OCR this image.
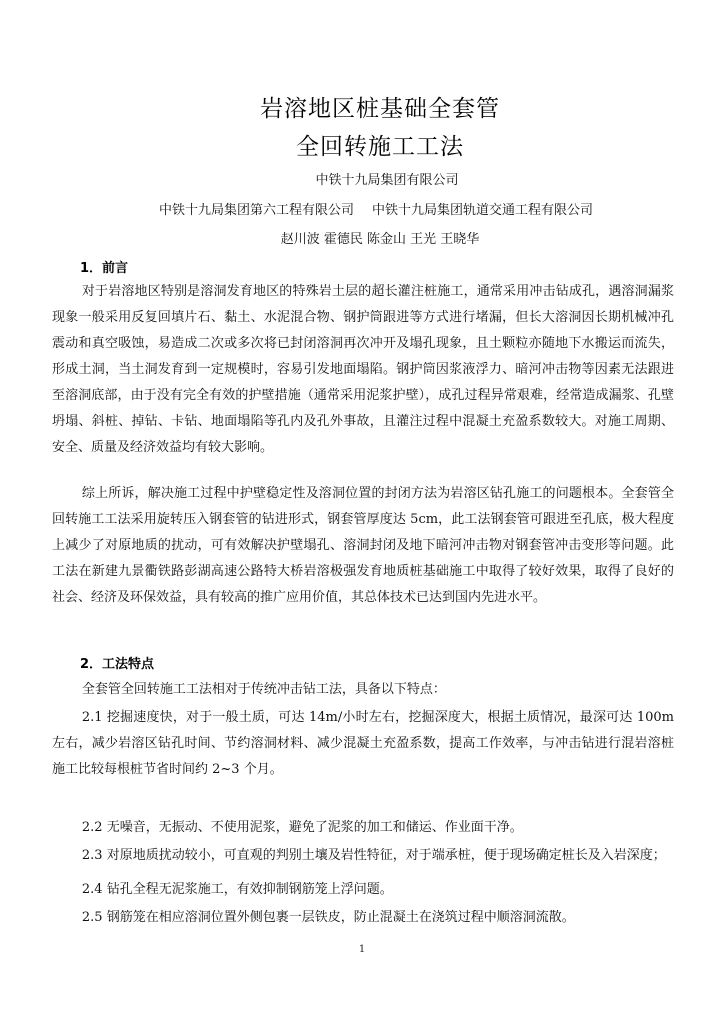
岩溶地区桩基础全套管
全回转施工工法
中铁十九局集团有限公司
中铁十九局集团第六工程有限公司 中铁十九局集团轨道交通工程有限公司
赵川波 霍德民 陈金山 王光 王晓华
1．前言

对于岩溶地区特别是溶洞发育地区的特殊岩土层的超长灌注桩施工，通常采用冲击钻成孔，遇溶洞漏浆现象一般采用反复回填片石、黏土、水泥混合物、钢护筒跟进等方式进行堵漏，但长大溶洞因长期机械冲孔震动和真空吸蚀，易造成二次或多次将已封闭溶洞再次冲开及塌孔现象，且土颗粒亦随地下水搬运而流失，形成土洞，当土洞发育到一定规模时，容易引发地面塌陷。钢护筒因浆液浮力、暗河冲击物等因素无法跟进至溶洞底部，由于没有完全有效的护壁措施（通常采用泥浆护壁），成孔过程异常艰难，经常造成漏浆、孔壁坍塌、斜桩、掉钻、卡钻、地面塌陷等孔内及孔外事故，且灌注过程中混凝土充盈系数较大。对施工周期、安全、质量及经济效益均有较大影响。

综上所诉，解决施工过程中护壁稳定性及溶洞位置的封闭方法为岩溶区钻孔施工的问题根本。全套管全回转施工工法采用旋转压入钢套管的钻进形式，钢套管厚度达 5cm，此工法钢套管可跟进至孔底，极大程度上减少了对原地质的扰动，可有效解决护壁塌孔、溶洞封闭及地下暗河冲击物对钢套管冲击变形等问题。此工法在新建九景衢铁路彭湖高速公路特大桥岩溶极强发育地质桩基础施工中取得了较好效果，取得了良好的社会、经济及环保效益，具有较高的推广应用价值，其总体技术已达到国内先进水平。

2．工法特点

全套管全回转施工工法相对于传统冲击钻工法，具备以下特点：

2.1 挖掘速度快，对于一般土质，可达 14m/小时左右，挖掘深度大，根据土质情况，最深可达 100m 左右，减少岩溶区钻孔时间、节约溶洞材料、减少混凝土充盈系数，提高工作效率，与冲击钻进行混岩溶桩施工比较每根桩节省时间约 2~3 个月。

2.2 无噪音，无振动、不使用泥浆，避免了泥浆的加工和储运、作业面干净。

2.3 对原地质扰动较小，可直观的判别土壤及岩性特征，对于端承桩，便于现场确定桩长及入岩深度；

2.4 钻孔全程无泥浆施工，有效抑制钢筋笼上浮问题。

2.5 钢筋笼在相应溶洞位置外侧包裹一层铁皮，防止混凝土在浇筑过程中顺溶洞流散。

1
